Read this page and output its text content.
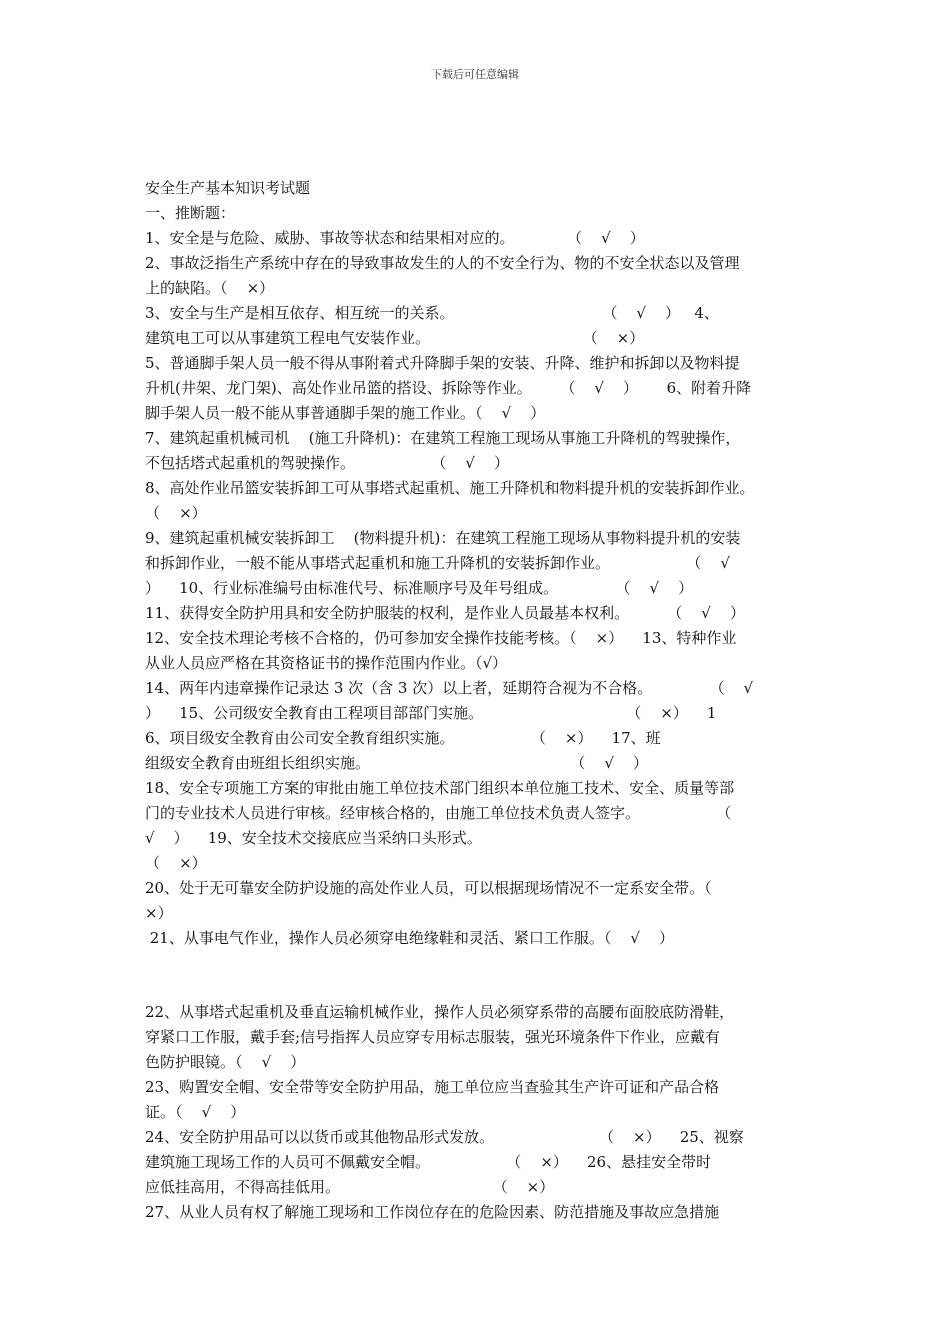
下载后可任意编辑
安全生产基本知识考试题
一、推断题：
1、安全是与危险、威胁、事故等状态和结果相对应的。           （    √    ）
2、事故泛指生产系统中存在的导致事故发生的人的不安全行为、物的不安全状态以及管理
上的缺陷。（    ×）
3、安全与生产是相互依存、相互统一的关系。                               （    √    ）   4、
建筑电工可以从事建筑工程电气安装作业。                                （    ×）
5、普通脚手架人员一般不得从事附着式升降脚手架的安装、升降、维护和拆卸以及物料提
升机(井架、龙门架)、高处作业吊篮的搭设、拆除等作业。      （    √    ）      6、附着升降
脚手架人员一般不能从事普通脚手架的施工作业。（    √    ）
7、建筑起重机械司机    (施工升降机)：在建筑工程施工现场从事施工升降机的驾驶操作，
不包括塔式起重机的驾驶操作。                （    √    ）
8、高处作业吊篮安装拆卸工可从事塔式起重机、施工升降机和物料提升机的安装拆卸作业。
（    ×）
9、建筑起重机械安装拆卸工    (物料提升机)：在建筑工程施工现场从事物料提升机的安装
和拆卸作业，一般不能从事塔式起重机和施工升降机的安装拆卸作业。                （    √
）    10、行业标准编号由标准代号、标准顺序号及年号组成。            （    √    ）
11、获得安全防护用具和安全防护服装的权利，是作业人员最基本权利。        （    √    ）
12、安全技术理论考核不合格的，仍可参加安全操作技能考核。（    ×）    13、特种作业
从业人员应严格在其资格证书的操作范围内作业。（√）
14、两年内违章操作记录达 3 次（含 3 次）以上者，延期符合视为不合格。            （    √
）    15、公司级安全教育由工程项目部部门实施。                              （    ×）    1
6、项目级安全教育由公司安全教育组织实施。                （    ×）    17、班
组级安全教育由班组长组织实施。                                          （    √    ）
18、安全专项施工方案的审批由施工单位技术部门组织本单位施工技术、安全、质量等部
门的专业技术人员进行审核。经审核合格的，由施工单位技术负责人签字。                （
√    ）    19、安全技术交接底应当采纳口头形式。
（    ×）
20、处于无可靠安全防护设施的高处作业人员，可以根据现场情况不一定系安全带。（
×）
21、从事电气作业，操作人员必须穿电绝缘鞋和灵活、紧口工作服。（    √    ）
22、从事塔式起重机及垂直运输机械作业，操作人员必须穿系带的高腰布面胶底防滑鞋，
穿紧口工作服，戴手套;信号指挥人员应穿专用标志服装，强光环境条件下作业，应戴有
色防护眼镜。（    √    ）
23、购置安全帽、安全带等安全防护用品，施工单位应当查验其生产许可证和产品合格
证。（    √    ）
24、安全防护用品可以以货币或其他物品形式发放。                      （    ×）    25、视察
建筑施工现场工作的人员可不佩戴安全帽。                （    ×）    26、悬挂安全带时
应低挂高用，不得高挂低用。                                （    ×）
27、从业人员有权了解施工现场和工作岗位存在的危险因素、防范措施及事故应急措施
